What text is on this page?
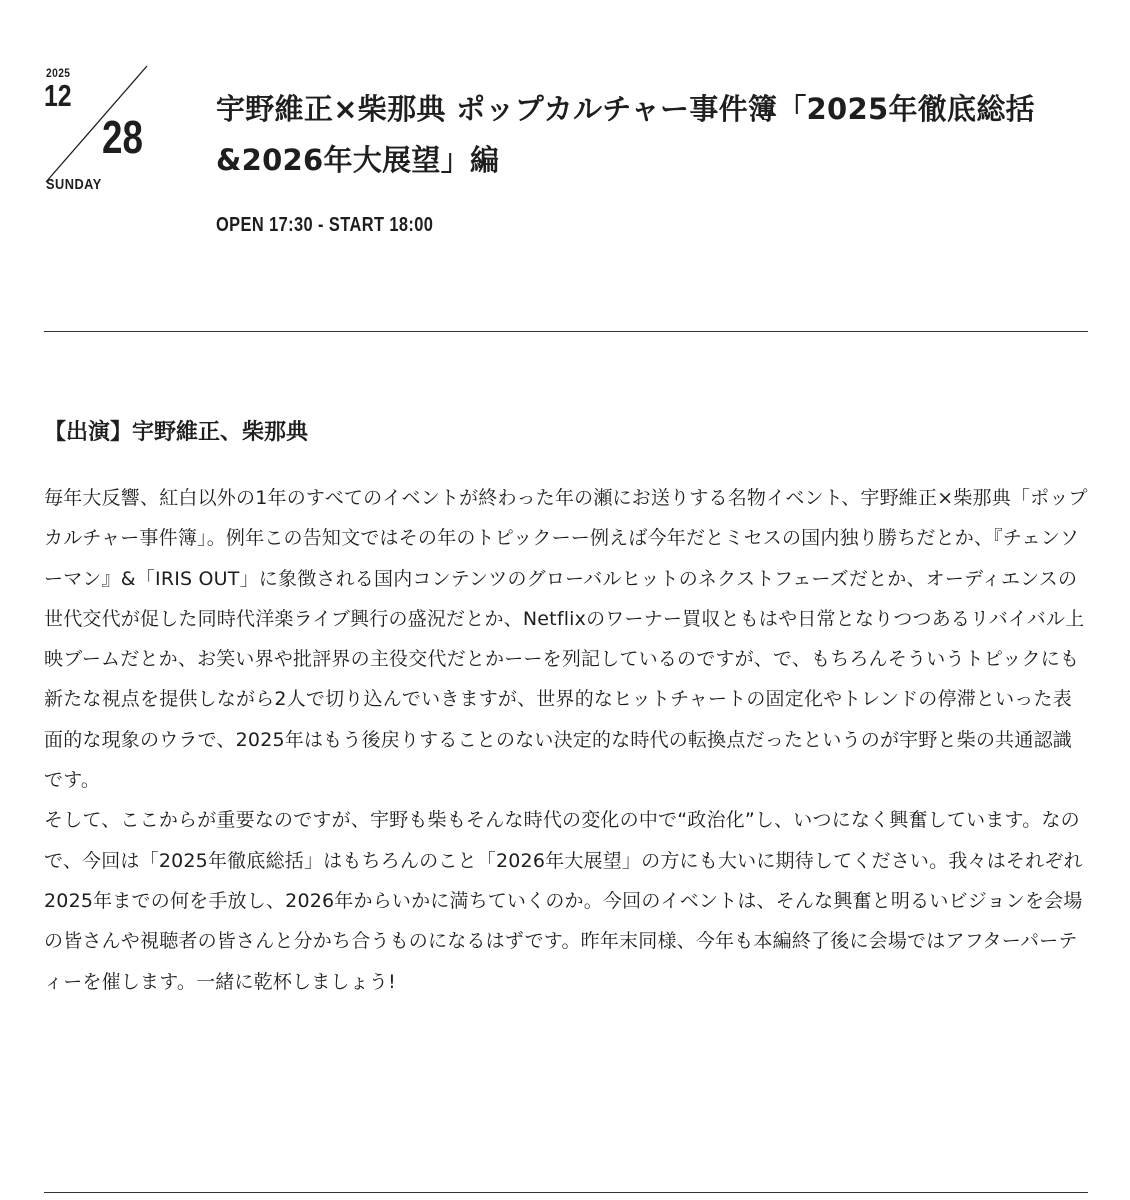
2025
12
28
SUNDAY
宇野維正×柴那典 ポップカルチャー事件簿「2025年徹底総括&2026年大展望」編
OPEN 17:30 - START 18:00
【出演】宇野維正、柴那典

毎年大反響、紅白以外の1年のすべてのイベントが終わった年の瀬にお送りする名物イベント、宇野維正×柴那典「ポップカルチャー事件簿」。例年この告知文ではその年のトピックーー例えば今年だとミセスの国内独り勝ちだとか、『チェンソーマン』&「IRIS OUT」に象徴される国内コンテンツのグローバルヒットのネクストフェーズだとか、オーディエンスの世代交代が促した同時代洋楽ライブ興行の盛況だとか、Netflixのワーナー買収ともはや日常となりつつあるリバイバル上映ブームだとか、お笑い界や批評界の主役交代だとかーーを列記しているのですが、で、もちろんそういうトピックにも新たな視点を提供しながら2人で切り込んでいきますが、世界的なヒットチャートの固定化やトレンドの停滞といった表面的な現象のウラで、2025年はもう後戻りすることのない決定的な時代の転換点だったというのが宇野と柴の共通認識です。

そして、ここからが重要なのですが、宇野も柴もそんな時代の変化の中で“政治化”し、いつになく興奮しています。なので、今回は「2025年徹底総括」はもちろんのこと「2026年大展望」の方にも大いに期待してください。我々はそれぞれ2025年までの何を手放し、2026年からいかに満ちていくのか。今回のイベントは、そんな興奮と明るいビジョンを会場の皆さんや視聴者の皆さんと分かち合うものになるはずです。昨年末同様、今年も本編終了後に会場ではアフターパーティーを催します。一緒に乾杯しましょう!
